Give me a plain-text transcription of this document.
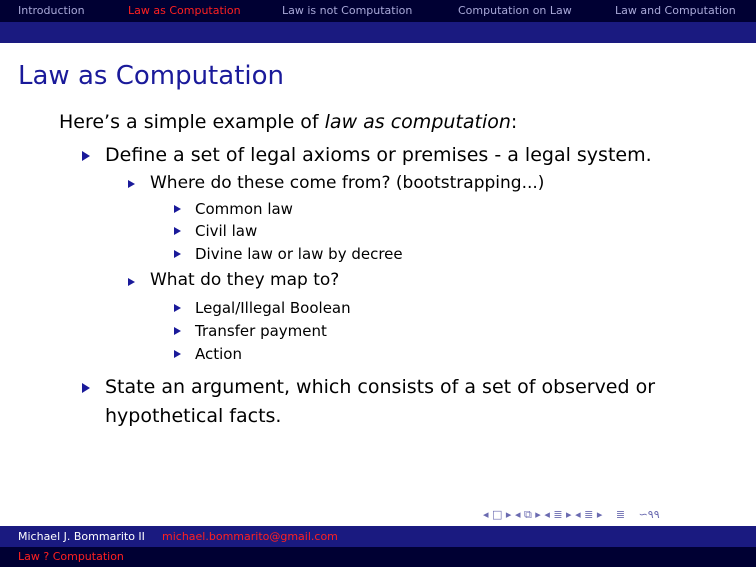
Introduction	Law as Computation	Law is not Computation	Computation on Law	Law and Computation
Law as Computation
Here’s a simple example of law as computation:
Define a set of legal axioms or premises - a legal system.
Where do these come from? (bootstrapping...)
Common law
Civil law
Divine law or law by decree
What do they map to?
Legal/Illegal Boolean
Transfer payment
Action
State an argument, which consists of a set of observed or
hypothetical facts.
◂ □ ▸ ◂ ⧉ ▸ ◂ ≣ ▸ ◂ ≣ ▸ ≣ ∽٩٩
Michael J. Bommarito II michael.bommarito@gmail.com
Law ? Computation
